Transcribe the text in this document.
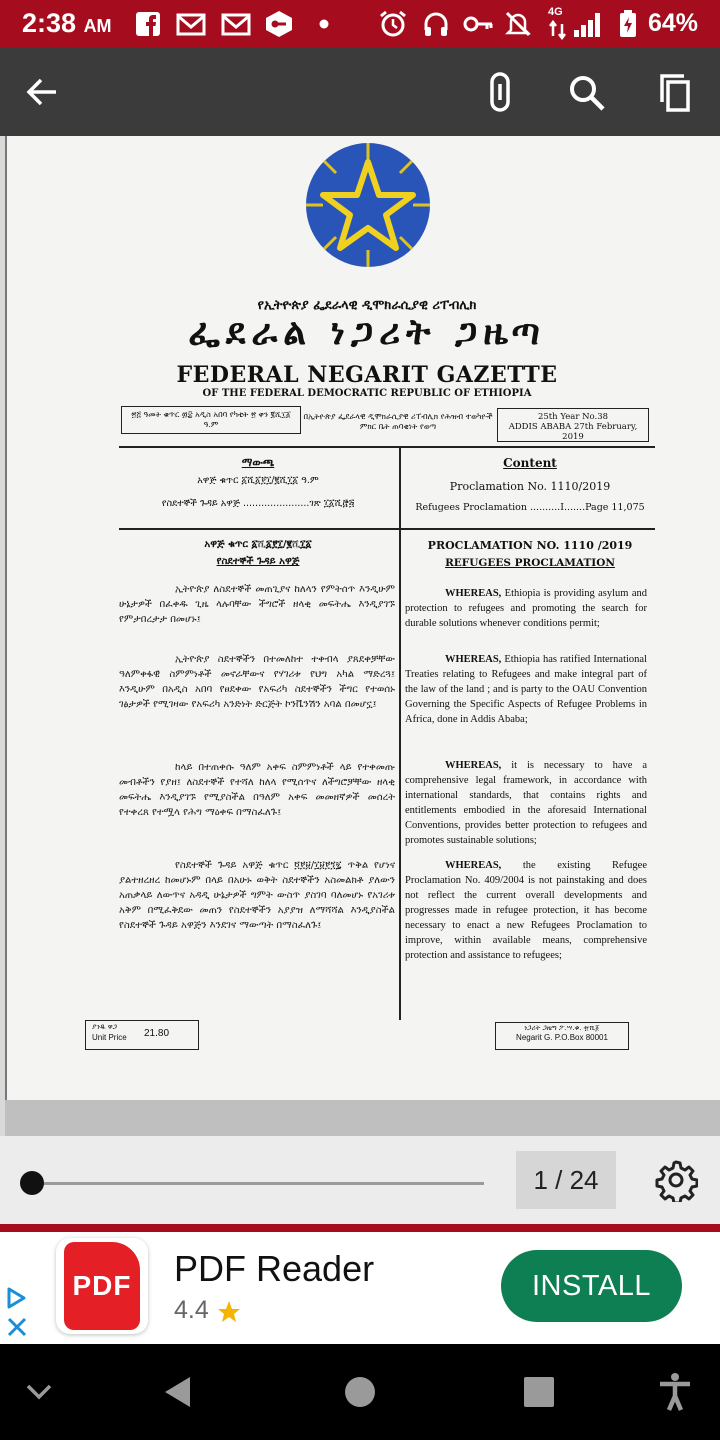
2:38 AM
4G	64%
የኢትዮጵያ ፌደራላዊ ዲሞክራሲያዊ ሪፐብሊክ
ፌደራል ነጋሪት ጋዜጣ
FEDERAL NEGARIT GAZETTE
OF THE FEDERAL DEMOCRATIC REPUBLIC OF ETHIOPIA
፳፭ ዓመት ቁጥር ፴፰ አዲስ አበባ የካቲት ፳ ቀን ፪ሺ፲፩ ዓ.ም
በኢትዮጵያ ፌደራላዊ ዲሞክራሲያዊ ሪፐብሊክ የሕዝብ ተወካዮች ምክር ቤት ጠባቂነት የወጣ
25th Year No.38
ADDIS ABABA 27th February, 2019
ማውጫ
አዋጅ ቁጥር ፩ሺ፩፻፲/፪ሺ፲፩ ዓ.ም
የስደተኞች ጉዳይ አዋጅ ......................ገጽ ፲፩ሺ፸፭
Content
Proclamation No. 1110/2019
Refugees Proclamation ..........I.......Page 11,075
አዋጅ ቁጥር ፩ሺ፩፻፲/፪ሺ፲፩
የስደተኞች ጉዳይ አዋጅ
PROCLAMATION NO. 1110 /2019
REFUGEES PROCLAMATION
ኢትዮጵያ ለስደተኞች መጠጊያና ከለላን የምትሰጥ እንዲሁም ሁኔታዎች በፈቀዱ ጊዜ ላሉባቸው ችግሮች ዘላቂ መፍትሔ እንዲያገኙ የምታበረታታ በመሆኑ፤
ኢትዮጵያ ስደተኞችን በተመለከተ ተቀብላ ያጸደቀቻቸው ዓለምቀፋዊ ስምምነቶች መኖራቸውና የሃገሪቱ የህግ አካል ማድረጓ፤ እንዲሁም በአዲስ አበባ የፀደቀው የአፍሪካ ስደተኞችን ችግር የተወሰኑ ገፅታዎች የሚገዛው የአፍሪካ አንድነት ድርጅት ኮንቬንሽን አባል በመሆኗ፤
ከላይ በተጠቀሱ ዓለም አቀፍ ስምምነቶች ላይ የተቀመጡ መብቶችን የያዘ፤ ለስደተኞች የተሻለ ከለላ የሚሰጥና ለችግሮቻቸው ዘላቂ መፍትሔ እንዲያገኙ የሚያስችል በዓለም አቀፍ መመዘኛዎች መሰረት የተቀረጸ የተሟላ የሕግ ማዕቀፍ በማስፈለጉ፤
የስደተኞች ጉዳይ አዋጅ ቁጥር ፬፻፱/፲፱፻፺፯ ጥቅል የሆነና ያልተዘረዘረ ከመሆኑም በላይ በአሁኑ ወቅት ስደተኞችን አስመልክቶ ያለውን አጠቃላይ ለውጥና አዳዲ ሁኔታዎች ግምት ውስጥ ያስገባ ባለመሆኑ የአገሪቱ አቅም በሚፈቅደው መጠን የስደተኞችን አያያዝ ለማሻሻል እንዲያስችል የስደተኞች ጉዳይ አዋጅን እንደገና ማውጣት በማስፈለጉ፤
WHEREAS, Ethiopia is providing asylum and protection to refugees and promoting the search for durable solutions whenever conditions permit;
WHEREAS, Ethiopia has ratified International Treaties relating to Refugees and make integral part of the law of the land ; and is party to the OAU Convention Governing the Specific Aspects of Refugee Problems in Africa, done in Addis Ababa;
WHEREAS, it is necessary to have a comprehensive legal framework, in accordance with international standards, that contains rights and entitlements embodied in the aforesaid International Conventions, provides better protection to refugees and promotes sustainable solutions;
WHEREAS, the existing Refugee Proclamation No. 409/2004 is not painstaking and does not reflect the current overall developments and progresses made in refugee protection, it has become necessary to enact a new Refugees Proclamation to improve, within available means, comprehensive protection and assistance to refugees;
ያንዱ ዋጋ
Unit Price 21.80	ነጋሪት ጋዜጣ ፖ.ሣ.ቁ. ፹ሺ፩
Negarit G. P.O.Box 80001
1 / 24
PDF PDF Reader
4.4
INSTALL
